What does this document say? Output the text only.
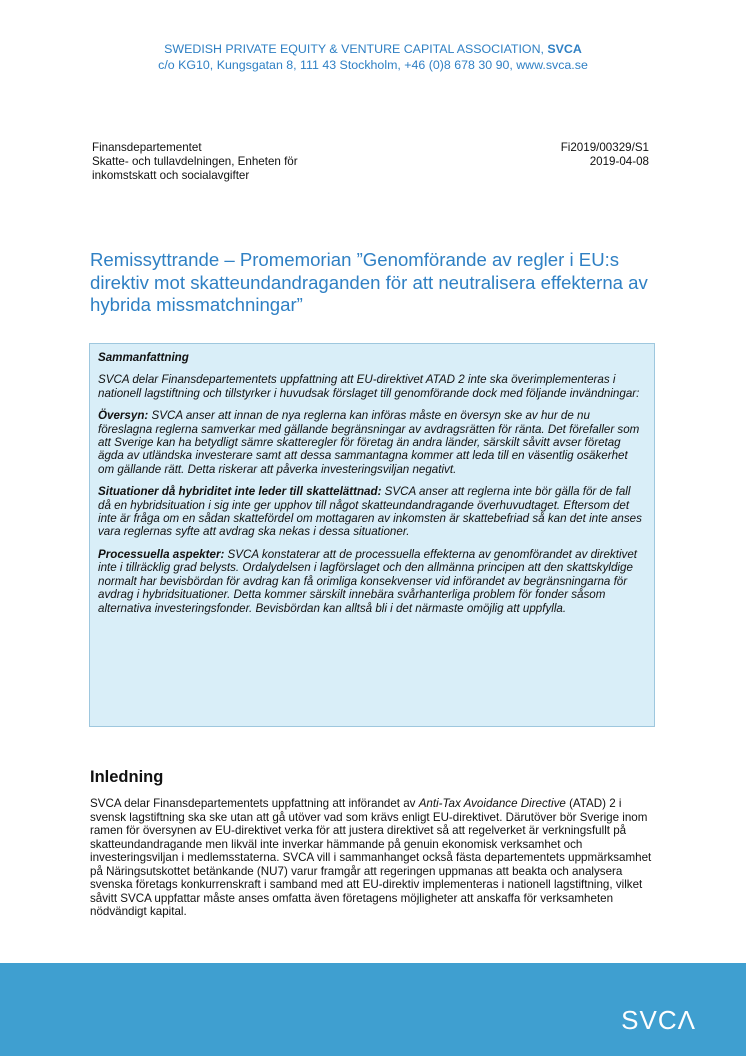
SWEDISH PRIVATE EQUITY & VENTURE CAPITAL ASSOCIATION, SVCA
c/o KG10, Kungsgatan 8, 111 43 Stockholm, +46 (0)8 678 30 90, www.svca.se
Finansdepartementet
Skatte- och tullavdelningen, Enheten för
inkomstskatt och socialavgifter
Fi2019/00329/S1
2019-04-08
Remissyttrande – Promemorian ”Genomförande av regler i EU:s direktiv mot skatteundandraganden för att neutralisera effekterna av hybrida missmatchningar”

Sammanfattning

SVCA delar Finansdepartementets uppfattning att EU-direktivet ATAD 2 inte ska överimplementeras i nationell lagstiftning och tillstyrker i huvudsak förslaget till genomförande dock med följande invändningar:

Översyn: SVCA anser att innan de nya reglerna kan införas måste en översyn ske av hur de nu föreslagna reglerna samverkar med gällande begränsningar av avdragsrätten för ränta. Det förefaller som att Sverige kan ha betydligt sämre skatteregler för företag än andra länder, särskilt såvitt avser företag ägda av utländska investerare samt att dessa sammantagna kommer att leda till en väsentlig osäkerhet om gällande rätt. Detta riskerar att påverka investeringsviljan negativt.

Situationer då hybriditet inte leder till skattelättnad: SVCA anser att reglerna inte bör gälla för de fall då en hybridsituation i sig inte ger upphov till något skatteundandragande överhuvudtaget. Eftersom det inte är fråga om en sådan skattefördel om mottagaren av inkomsten är skattebefriad så kan det inte anses vara reglernas syfte att avdrag ska nekas i dessa situationer.

Processuella aspekter: SVCA konstaterar att de processuella effekterna av genomförandet av direktivet inte i tillräcklig grad belysts. Ordalydelsen i lagförslaget och den allmänna principen att den skattskyldige normalt har bevisbördan för avdrag kan få orimliga konsekvenser vid införandet av begränsningarna för avdrag i hybridsituationer. Detta kommer särskilt innebära svårhanterliga problem för fonder såsom alternativa investeringsfonder. Bevisbördan kan alltså bli i det närmaste omöjlig att uppfylla.

Inledning

SVCA delar Finansdepartementets uppfattning att införandet av Anti-Tax Avoidance Directive (ATAD) 2 i svensk lagstiftning ska ske utan att gå utöver vad som krävs enligt EU-direktivet. Därutöver bör Sverige inom ramen för översynen av EU-direktivet verka för att justera direktivet så att regelverket är verkningsfullt på skatteundandragande men likväl inte inverkar hämmande på genuin ekonomisk verksamhet och investeringsviljan i medlemsstaterna. SVCA vill i sammanhanget också fästa departementets uppmärksamhet på Näringsutskottet betänkande (NU7) varur framgår att regeringen uppmanas att beakta och analysera svenska företags konkurrenskraft i samband med att EU-direktiv implementeras i nationell lagstiftning, vilket såvitt SVCA uppfattar måste anses omfatta även företagens möjligheter att anskaffa för verksamheten nödvändigt kapital.

SVCΛ
